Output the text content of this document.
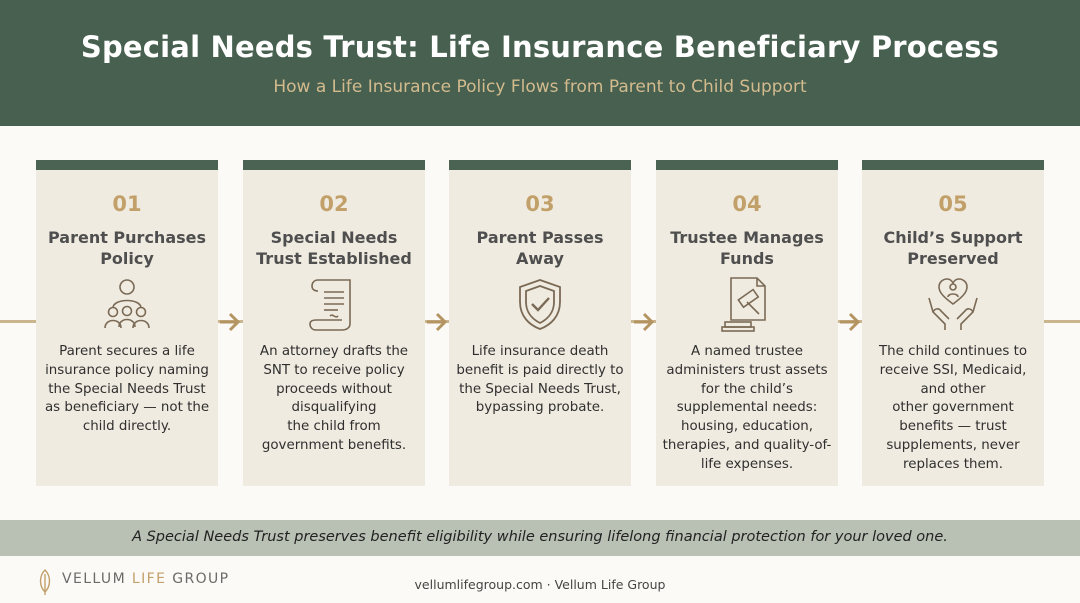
Special Needs Trust: Life Insurance Beneficiary Process
How a Life Insurance Policy Flows from Parent to Child Support
01
Parent Purchases Policy
Parent secures a life insurance policy naming the Special Needs Trust as beneficiary — not the child directly.
02
Special Needs Trust Established
An attorney drafts the SNT to receive policy proceeds without disqualifying
the child from government benefits.
03
Parent Passes Away
Life insurance death benefit is paid directly to the Special Needs Trust, bypassing probate.
04
Trustee Manages Funds
A named trustee administers trust assets for the child’s supplemental needs: housing, education, therapies, and quality-of-life expenses.
05
Child’s Support Preserved
The child continues to receive SSI, Medicaid, and other
other government benefits — trust supplements, never replaces them.
A Special Needs Trust preserves benefit eligibility while ensuring lifelong financial protection for your loved one.
VELLUM LIFE GROUP	vellumlifegroup.com · Vellum Life Group
